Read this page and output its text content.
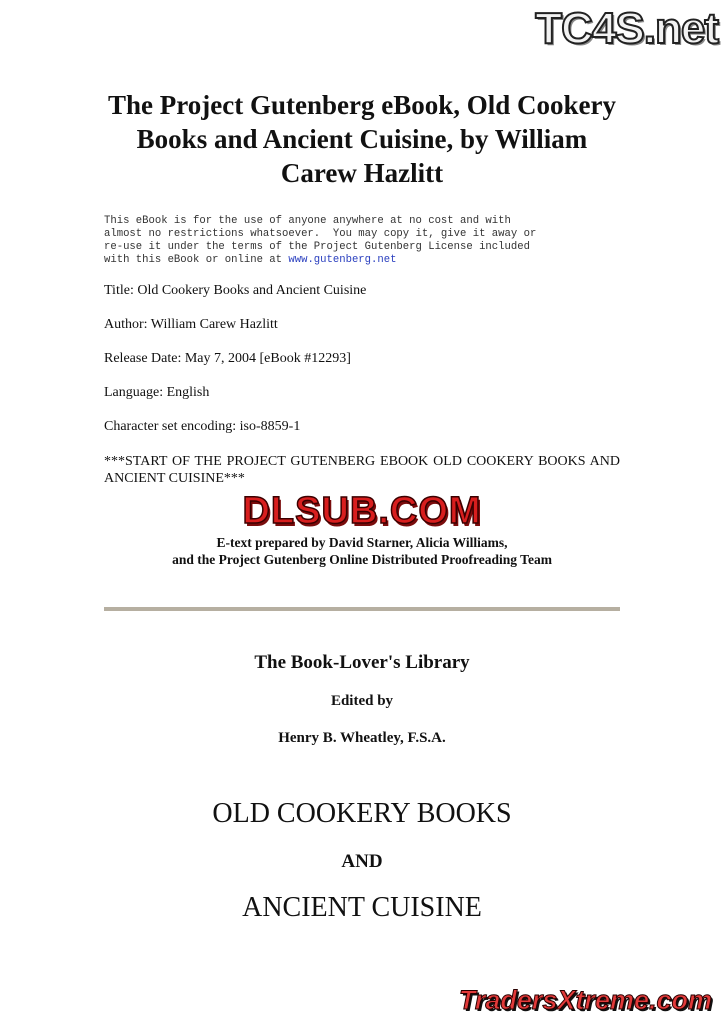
TC4S.net
The Project Gutenberg eBook, Old Cookery Books and Ancient Cuisine, by William Carew Hazlitt
This eBook is for the use of anyone anywhere at no cost and with
almost no restrictions whatsoever.  You may copy it, give it away or
re-use it under the terms of the Project Gutenberg License included
with this eBook or online at www.gutenberg.net

Title: Old Cookery Books and Ancient Cuisine

Author: William Carew Hazlitt

Release Date: May 7, 2004 [eBook #12293]

Language: English

Character set encoding: iso-8859-1

***START OF THE PROJECT GUTENBERG EBOOK OLD COOKERY BOOKS AND ANCIENT CUISINE***

DLSUB.COM
E-text prepared by David Starner, Alicia Williams,
and the Project Gutenberg Online Distributed Proofreading Team

The Book-Lover's Library

Edited by

Henry B. Wheatley, F.S.A.

OLD COOKERY BOOKS

AND

ANCIENT CUISINE

TradersXtreme.com
